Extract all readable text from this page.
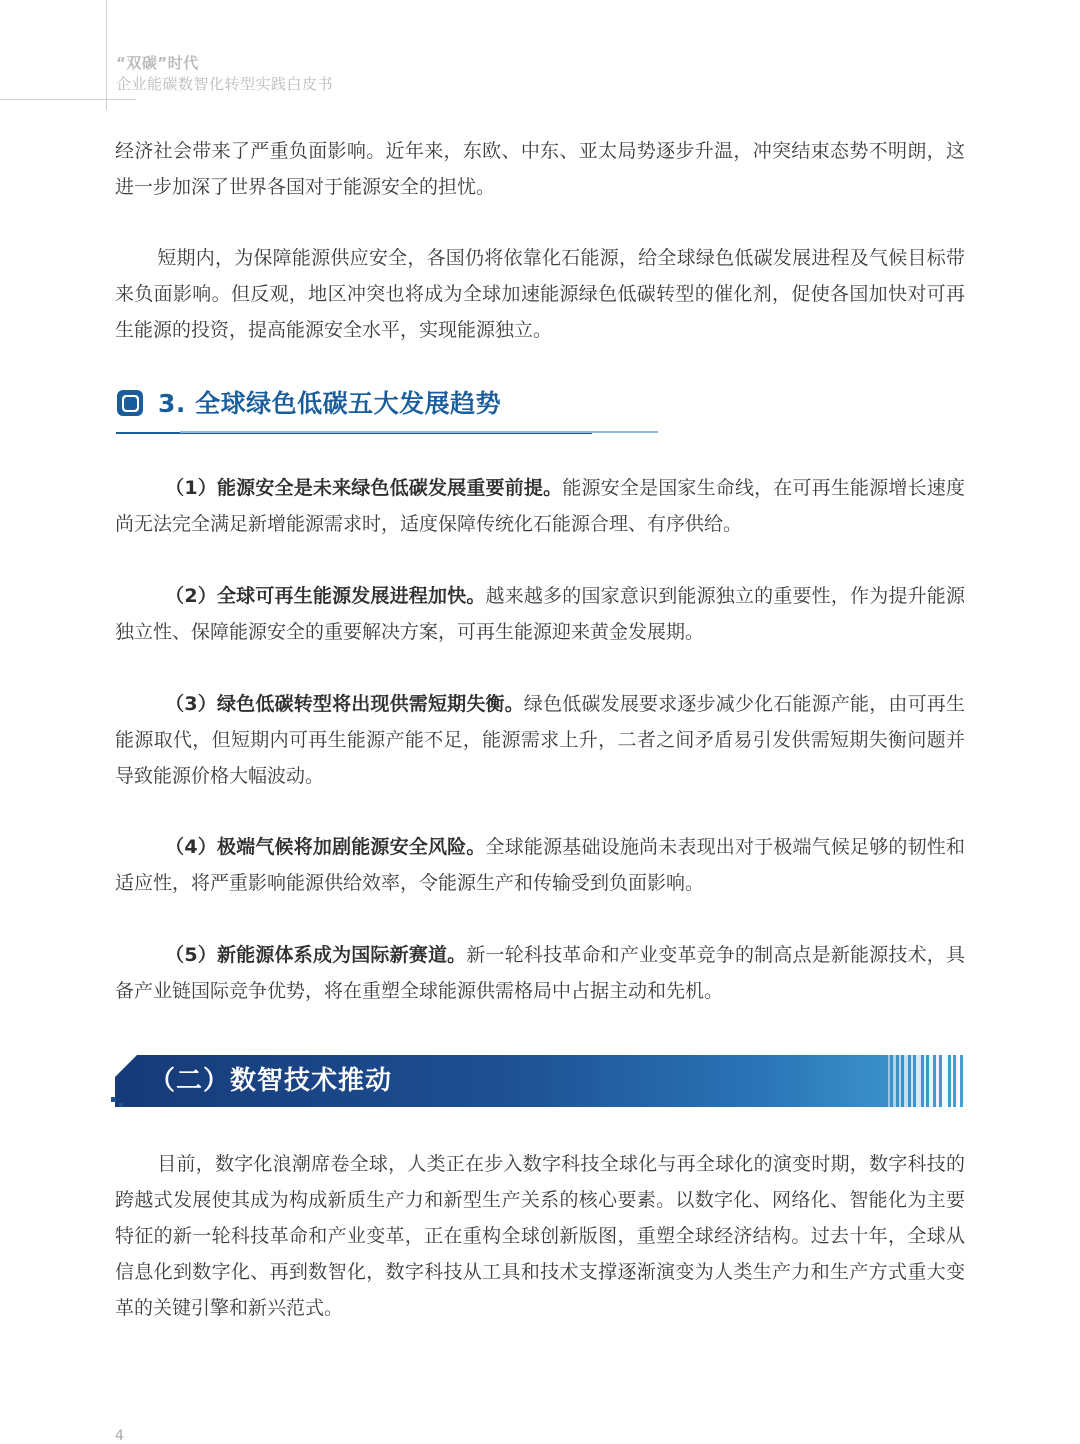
“双碳”时代
企业能碳数智化转型实践白皮书

经济社会带来了严重负面影响。近年来，东欧、中东、亚太局势逐步升温，冲突结束态势不明朗，这进一步加深了世界各国对于能源安全的担忧。

短期内，为保障能源供应安全，各国仍将依靠化石能源，给全球绿色低碳发展进程及气候目标带来负面影响。但反观，地区冲突也将成为全球加速能源绿色低碳转型的催化剂，促使各国加快对可再生能源的投资，提高能源安全水平，实现能源独立。

3. 全球绿色低碳五大发展趋势

（1）能源安全是未来绿色低碳发展重要前提。能源安全是国家生命线，在可再生能源增长速度尚无法完全满足新增能源需求时，适度保障传统化石能源合理、有序供给。

（2）全球可再生能源发展进程加快。越来越多的国家意识到能源独立的重要性，作为提升能源独立性、保障能源安全的重要解决方案，可再生能源迎来黄金发展期。

（3）绿色低碳转型将出现供需短期失衡。绿色低碳发展要求逐步减少化石能源产能，由可再生能源取代，但短期内可再生能源产能不足，能源需求上升，二者之间矛盾易引发供需短期失衡问题并导致能源价格大幅波动。

（4）极端气候将加剧能源安全风险。全球能源基础设施尚未表现出对于极端气候足够的韧性和适应性，将严重影响能源供给效率，令能源生产和传输受到负面影响。

（5）新能源体系成为国际新赛道。新一轮科技革命和产业变革竞争的制高点是新能源技术，具备产业链国际竞争优势，将在重塑全球能源供需格局中占据主动和先机。

（二）数智技术推动

目前，数字化浪潮席卷全球，人类正在步入数字科技全球化与再全球化的演变时期，数字科技的跨越式发展使其成为构成新质生产力和新型生产关系的核心要素。以数字化、网络化、智能化为主要特征的新一轮科技革命和产业变革，正在重构全球创新版图，重塑全球经济结构。过去十年，全球从信息化到数字化、再到数智化，数字科技从工具和技术支撑逐渐演变为人类生产力和生产方式重大变革的关键引擎和新兴范式。

4
